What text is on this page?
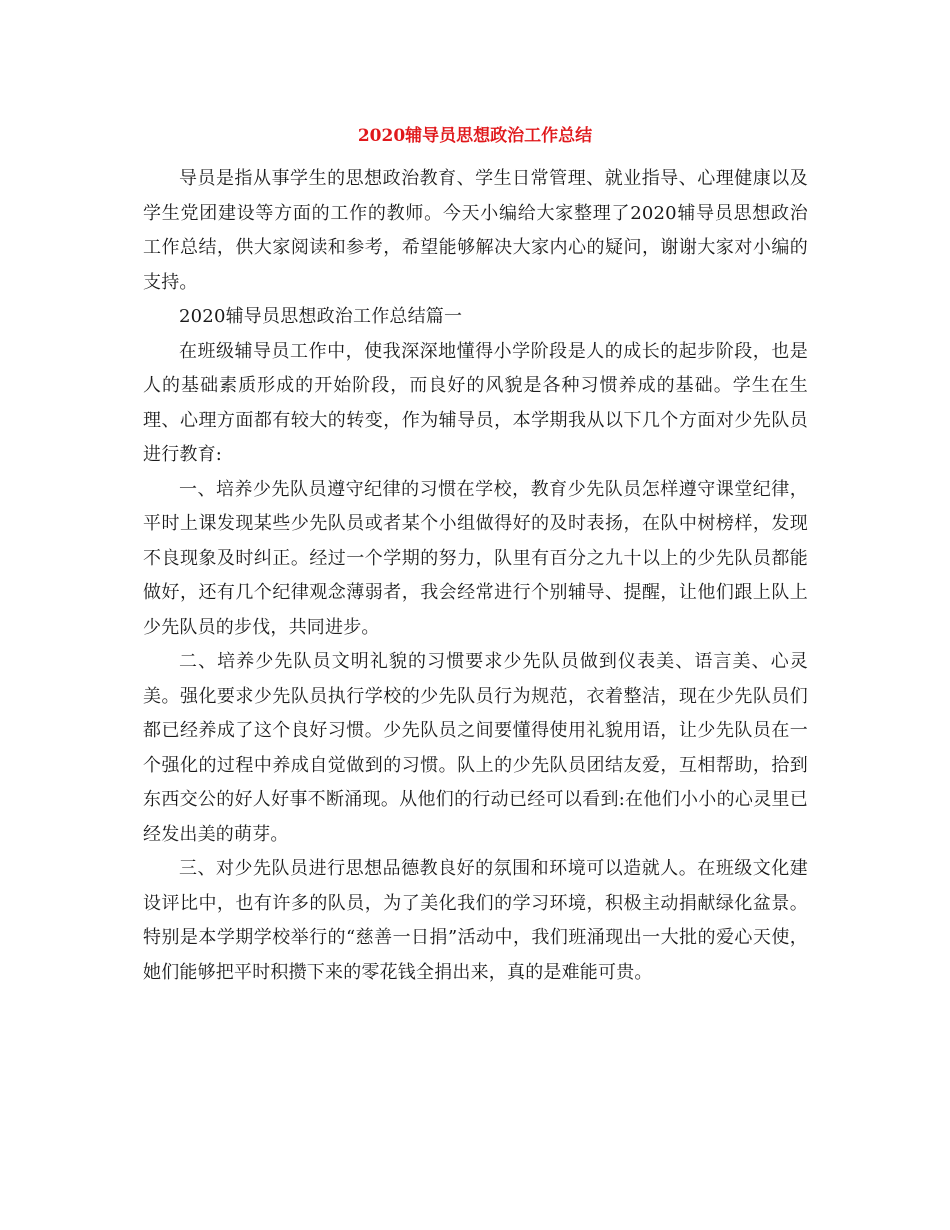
2020辅导员思想政治工作总结

导员是指从事学生的思想政治教育、学生日常管理、就业指导、心理健康以及学生党团建设等方面的工作的教师。今天小编给大家整理了2020辅导员思想政治工作总结，供大家阅读和参考，希望能够解决大家内心的疑问，谢谢大家对小编的支持。

2020辅导员思想政治工作总结篇一

在班级辅导员工作中，使我深深地懂得小学阶段是人的成长的起步阶段，也是人的基础素质形成的开始阶段，而良好的风貌是各种习惯养成的基础。学生在生理、心理方面都有较大的转变，作为辅导员，本学期我从以下几个方面对少先队员进行教育:

一、培养少先队员遵守纪律的习惯在学校，教育少先队员怎样遵守课堂纪律，平时上课发现某些少先队员或者某个小组做得好的及时表扬，在队中树榜样，发现不良现象及时纠正。经过一个学期的努力，队里有百分之九十以上的少先队员都能做好，还有几个纪律观念薄弱者，我会经常进行个别辅导、提醒，让他们跟上队上少先队员的步伐，共同进步。

二、培养少先队员文明礼貌的习惯要求少先队员做到仪表美、语言美、心灵美。强化要求少先队员执行学校的少先队员行为规范，衣着整洁，现在少先队员们都已经养成了这个良好习惯。少先队员之间要懂得使用礼貌用语，让少先队员在一个强化的过程中养成自觉做到的习惯。队上的少先队员团结友爱，互相帮助，拾到东西交公的好人好事不断涌现。从他们的行动已经可以看到:在他们小小的心灵里已经发出美的萌芽。

三、对少先队员进行思想品德教良好的氛围和环境可以造就人。在班级文化建设评比中，也有许多的队员，为了美化我们的学习环境，积极主动捐献绿化盆景。特别是本学期学校举行的“慈善一日捐”活动中，我们班涌现出一大批的爱心天使，她们能够把平时积攒下来的零花钱全捐出来，真的是难能可贵。
